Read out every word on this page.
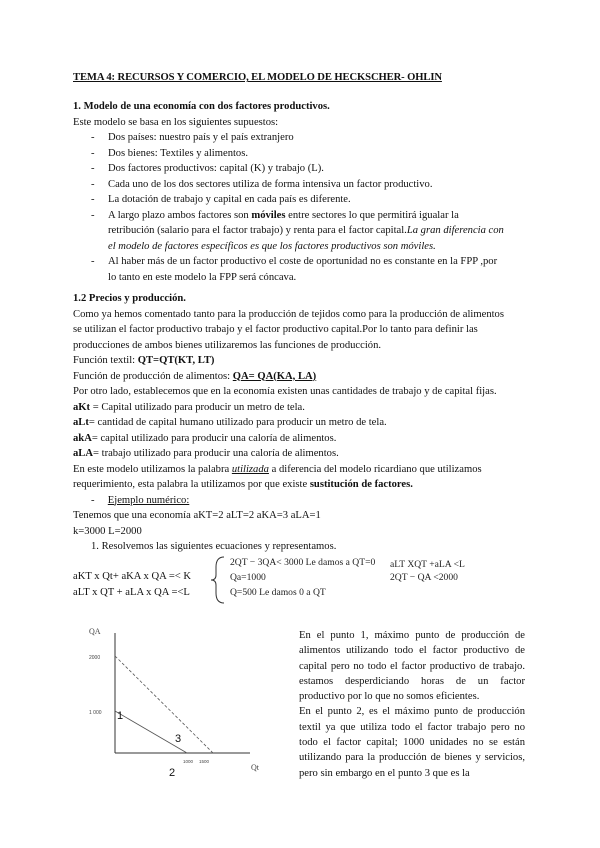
TEMA 4: RECURSOS Y COMERCIO, EL MODELO DE HECKSCHER- OHLIN
1. Modelo de una economía con dos factores productivos.
Este modelo se basa en los siguientes supuestos:
- Dos países: nuestro país y el país extranjero
- Dos bienes: Textiles y alimentos.
- Dos factores productivos: capital (K) y trabajo (L).
- Cada uno de los dos sectores utiliza de forma intensiva un factor productivo.
- La dotación de trabajo y capital en cada país es diferente.
- A largo plazo ambos factores son móviles entre sectores lo que permitirá igualar la
retribución (salario para el factor trabajo) y renta para el factor capital.La gran diferencia con
el modelo de factores específicos es que los factores productivos son móviles.
- Al haber más de un factor productivo el coste de oportunidad no es constante en la FPP ,por
lo tanto en este modelo la FPP será cóncava.
1.2 Precios y producción.
Como ya hemos comentado tanto para la producción de tejidos como para la producción de alimentos
se utilizan el factor productivo trabajo y el factor productivo capital.Por lo tanto para definir las
producciones de ambos bienes utilizaremos las funciones de producción.
Función textil: QT=QT(KT, LT)
Función de producción de alimentos: QA= QA(KA, LA)
Por otro lado, establecemos que en la economía existen unas cantidades de trabajo y de capital fijas.
aKt = Capital utilizado para producir un metro de tela.
aLt= cantidad de capital humano utilizado para producir un metro de tela.
akA= capital utilizado para producir una caloría de alimentos.
aLA= trabajo utilizado para producir una caloría de alimentos.
En este modelo utilizamos la palabra utilizada a diferencia del modelo ricardiano que utilizamos
requerimiento, esta palabra la utilizamos por que existe sustitución de factores.
-     Ejemplo numérico:
Tenemos que una economía aKT=2 aLT=2 aKA=3 aLA=1
k=3000 L=2000
1. Resolvemos las siguientes ecuaciones y representamos.
aKT x Qt+ aKA x QA =< K
aLT x QT + aLA x QA =<L
2QT − 3QA< 3000 Le damos a QT=0 aLT XQT +aLA <L
Qa=1000	2QT − QA <2000
Q=500 Le damos 0 a QT
QA
Qt
2000
1 000
1000 1500
1
2
3

En el punto 1, máximo punto de producción de alimentos utilizando todo el factor productivo de capital pero no todo el factor productivo de trabajo. estamos desperdiciando horas de un factor productivo por lo que no somos eficientes.

En el punto 2, es el máximo punto de producción textil ya que utiliza todo el factor trabajo pero no todo el factor capital; 1000 unidades no se están utilizando para la producción de bienes y servicios, pero sin embargo en el punto 3 que es la
